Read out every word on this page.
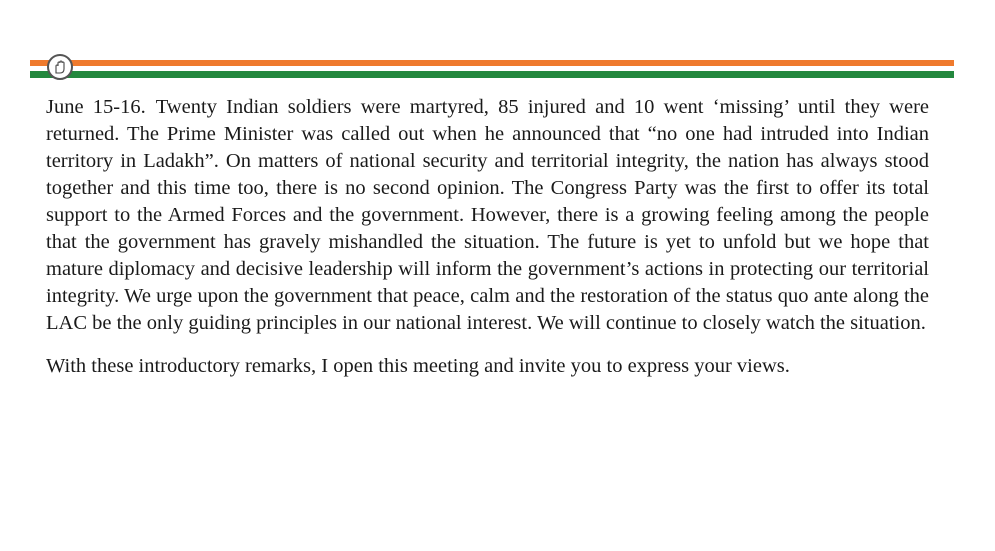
June 15-16. Twenty Indian soldiers were martyred, 85 injured and 10 went ‘missing’ until they were returned. The Prime Minister was called out when he announced that “no one had intruded into Indian territory in Ladakh”. On matters of national security and territorial integrity, the nation has always stood together and this time too, there is no second opinion. The Congress Party was the first to offer its total support to the Armed Forces and the government. However, there is a growing feeling among the people that the government has gravely mishandled the situation. The future is yet to unfold but we hope that mature diplomacy and decisive leadership will inform the government’s actions in protecting our territorial integrity. We urge upon the government that peace, calm and the restoration of the status quo ante along the LAC be the only guiding principles in our national interest. We will continue to closely watch the situation.

With these introductory remarks, I open this meeting and invite you to express your views.
